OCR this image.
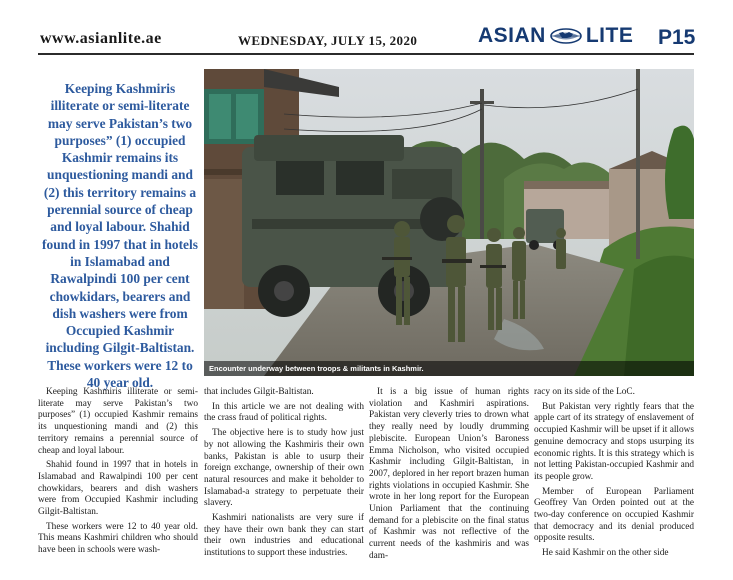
www.asianlite.ae	WEDNESDAY, JULY 15, 2020	ASIAN LITE P15
Keeping Kashmiris illiterate or semi-literate may serve Pakistan’s two purposes” (1) occupied Kashmir remains its unquestioning mandi and (2) this territory remains a perennial source of cheap and loyal labour. Shahid found in 1997 that in hotels in Islamabad and Rawalpindi 100 per cent chowkidars, bearers and dish washers were from Occupied Kashmir including Gilgit-Baltistan. These workers were 12 to 40 year old.
Encounter underway between troops & militants in Kashmir.

Keeping Kashmiris illiterate or semi-literate may serve Pakistan’s two purposes” (1) occupied Kashmir remains its unquestioning mandi and (2) this territory remains a perennial source of cheap and loyal labour.

Shahid found in 1997 that in hotels in Islamabad and Rawalpindi 100 per cent chowkidars, bearers and dish washers were from Occupied Kashmir including Gilgit-Baltistan.

These workers were 12 to 40 year old. This means Kashmiri children who should have been in schools were wash-

that includes Gilgit-Baltistan.

In this article we are not dealing with the crass fraud of political rights.

The objective here is to study how just by not allowing the Kashmiris their own banks, Pakistan is able to usurp their foreign exchange, ownership of their own natural resources and make it beholder to Islamabad-a strategy to perpetuate their slavery.

Kashmiri nationalists are very sure if they have their own bank they can start their own industries and educational institutions to support these industries.

It is a big issue of human rights violation and Kashmiri aspirations. Pakistan very cleverly tries to drown what they really need by loudly drumming plebiscite. European Union’s Baroness Emma Nicholson, who visited occupied Kashmir including Gilgit-Baltistan, in 2007, deplored in her report brazen human rights violations in occupied Kashmir. She wrote in her long report for the European Union Parliament that the continuing demand for a plebiscite on the final status of Kashmir was not reflective of the current needs of the kashmiris and was dam-

racy on its side of the LoC.

But Pakistan very rightly fears that the apple cart of its strategy of enslavement of occupied Kashmir will be upset if it allows genuine democracy and stops usurping its economic rights. It is this strategy which is not letting Pakistan-occupied Kashmir and its people grow.

Member of European Parliament Geoffrey Van Orden pointed out at the two-day conference on occupied Kashmir that democracy and its denial produced opposite results.

He said Kashmir on the other side
